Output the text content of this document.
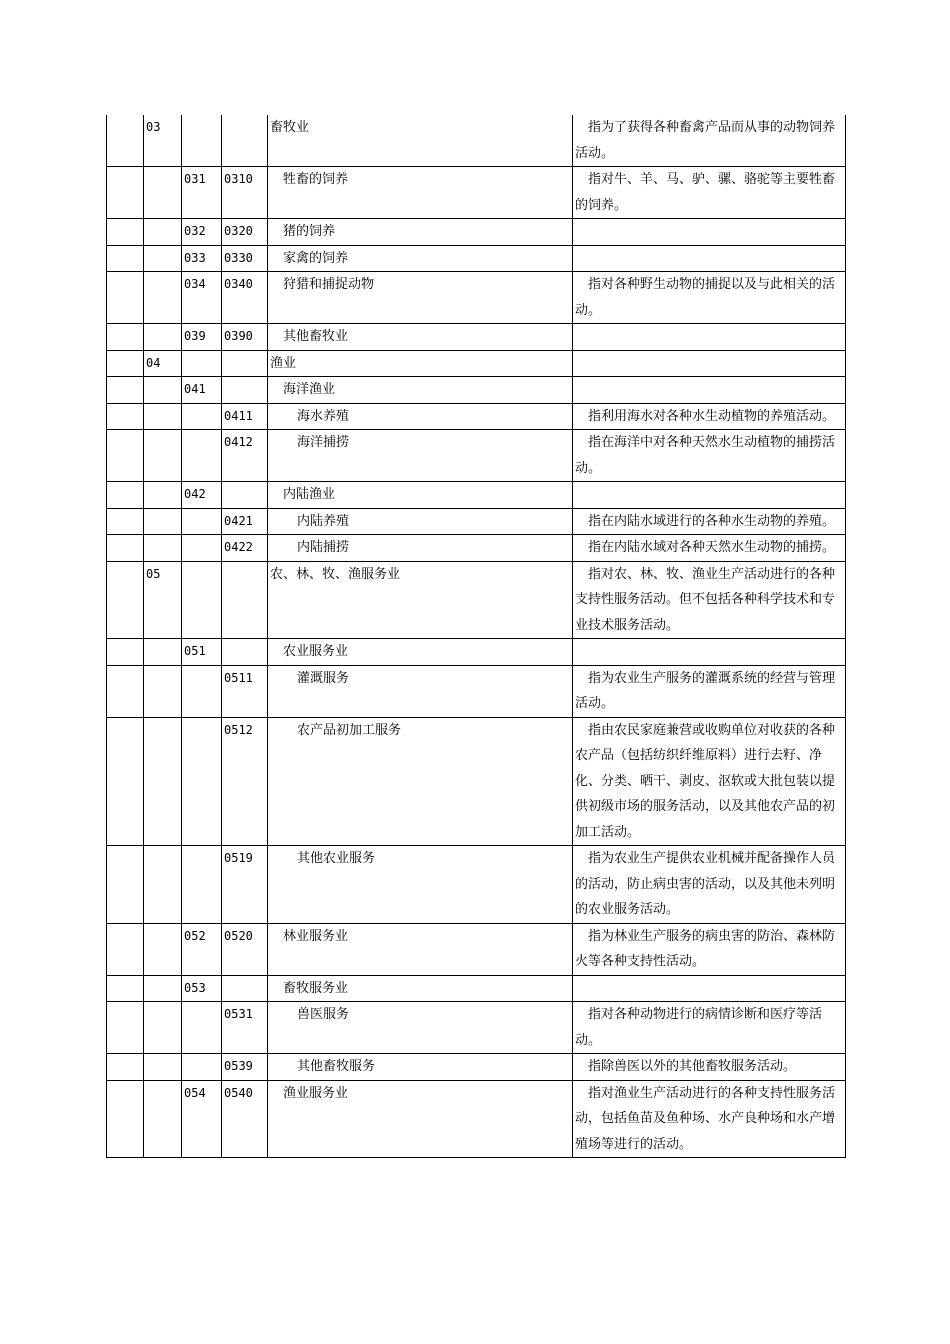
	03			畜牧业	指为了获得各种畜禽产品而从事的动物饲养活动。
		031	0310	牲畜的饲养	指对牛、羊、马、驴、骡、骆驼等主要牲畜的饲养。
		032	0320	猪的饲养	
		033	0330	家禽的饲养	
		034	0340	狩猎和捕捉动物	指对各种野生动物的捕捉以及与此相关的活动。
		039	0390	其他畜牧业	
	04			渔业	
		041		海洋渔业	
			0411	海水养殖	指利用海水对各种水生动植物的养殖活动。
			0412	海洋捕捞	指在海洋中对各种天然水生动植物的捕捞活动。
		042		内陆渔业	
			0421	内陆养殖	指在内陆水域进行的各种水生动物的养殖。
			0422	内陆捕捞	指在内陆水域对各种天然水生动物的捕捞。
	05			农、林、牧、渔服务业	指对农、林、牧、渔业生产活动进行的各种支持性服务活动。但不包括各种科学技术和专业技术服务活动。
		051		农业服务业	
			0511	灌溉服务	指为农业生产服务的灌溉系统的经营与管理活动。
			0512	农产品初加工服务	指由农民家庭兼营或收购单位对收获的各种农产品（包括纺织纤维原料）进行去籽、净化、分类、晒干、剥皮、沤软或大批包装以提供初级市场的服务活动，以及其他农产品的初加工活动。
			0519	其他农业服务	指为农业生产提供农业机械并配备操作人员的活动，防止病虫害的活动，以及其他未列明的农业服务活动。
		052	0520	林业服务业	指为林业生产服务的病虫害的防治、森林防火等各种支持性活动。
		053		畜牧服务业	
			0531	兽医服务	指对各种动物进行的病情诊断和医疗等活动。
			0539	其他畜牧服务	指除兽医以外的其他畜牧服务活动。
		054	0540	渔业服务业	指对渔业生产活动进行的各种支持性服务活动，包括鱼苗及鱼种场、水产良种场和水产增殖场等进行的活动。
